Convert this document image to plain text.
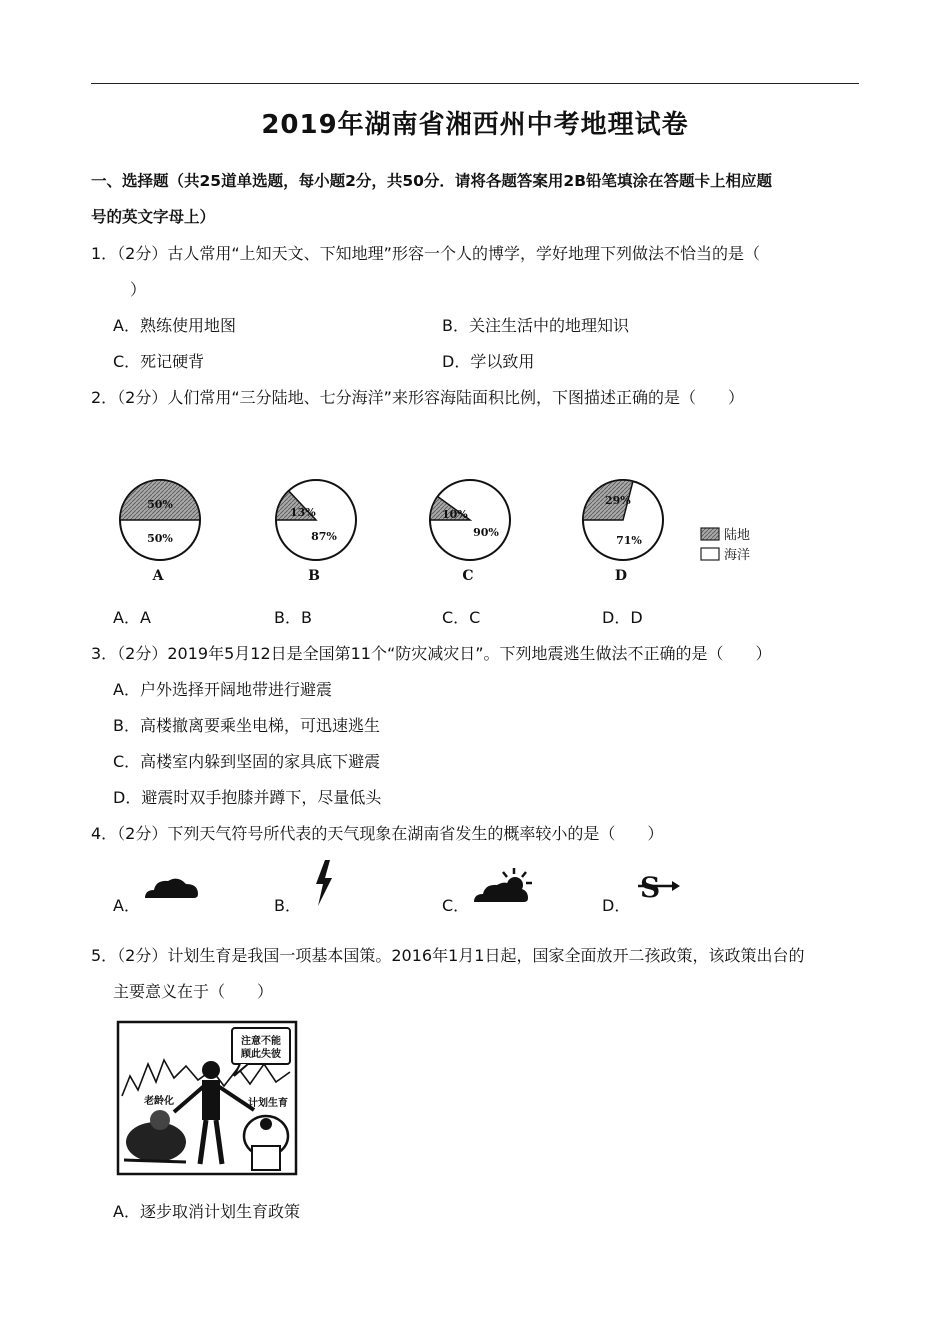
2019年湖南省湘西州中考地理试卷
一、选择题（共25道单选题，每小题2分，共50分．请将各题答案用2B铅笔填涂在答题卡上相应题
号的英文字母上）
1．（2分）古人常用“上知天文、下知地理”形容一个人的博学，学好地理下列做法不恰当的是（
）
A．熟练使用地图	B．关注生活中的地理知识
C．死记硬背	D．学以致用
2．（2分）人们常用“三分陆地、七分海洋”来形容海陆面积比例，下图描述正确的是（　　）
50%
50%
A
13%
87%
B
10%
90%
C
29%
71%
D
陆地
海洋
A．A	B．B	C．C	D．D
3．（2分）2019年5月12日是全国第11个“防灾减灾日”。下列地震逃生做法不正确的是（　　）
A．户外选择开阔地带进行避震
B．高楼撤离要乘坐电梯，可迅速逃生
C．高楼室内躲到坚固的家具底下避震
D．避震时双手抱膝并蹲下，尽量低头
4．（2分）下列天气符号所代表的天气现象在湖南省发生的概率较小的是（　　）
A．	B．	C．	D．
S
5．（2分）计划生育是我国一项基本国策。2016年1月1日起，国家全面放开二孩政策，该政策出台的
主要意义在于（　　）
注意不能
顾此失彼
老龄化	计划生育
A．逐步取消计划生育政策
